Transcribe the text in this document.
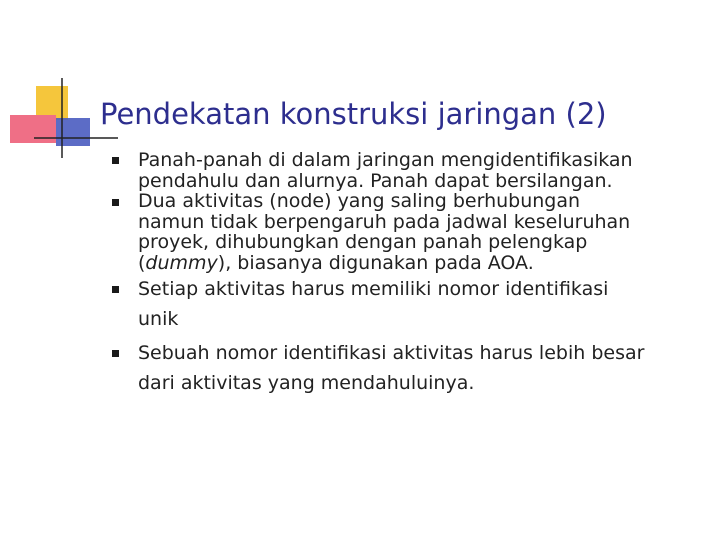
Pendekatan konstruksi jaringan (2)
Panah-panah di dalam jaringan mengidentifikasikan
pendahulu dan alurnya. Panah dapat bersilangan.
Dua aktivitas (node) yang saling berhubungan
namun tidak berpengaruh pada jadwal keseluruhan
proyek, dihubungkan dengan panah pelengkap
(dummy), biasanya digunakan pada AOA.
Setiap aktivitas harus memiliki nomor identifikasi
unik
Sebuah nomor identifikasi aktivitas harus lebih besar
dari aktivitas yang mendahuluinya.
